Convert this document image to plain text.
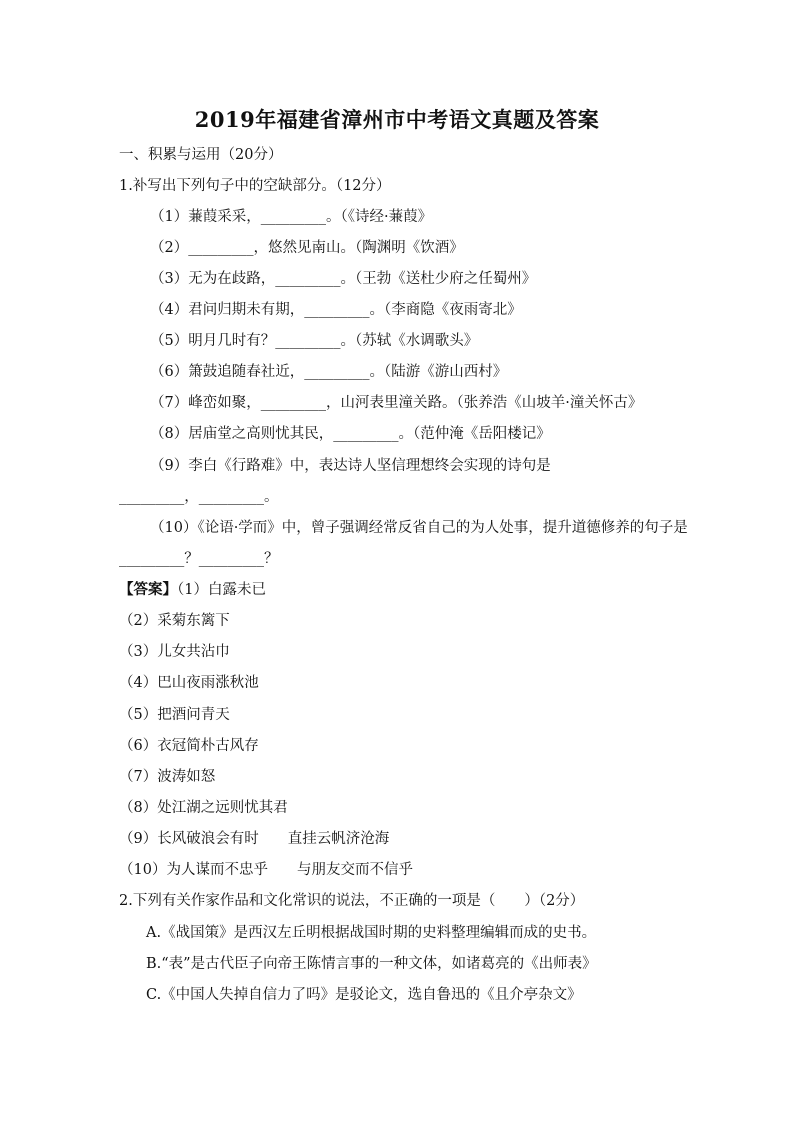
2019年福建省漳州市中考语文真题及答案
一、积累与运用（20分）
1.补写出下列句子中的空缺部分。（12分）
（1）蒹葭采采，_________。（《诗经·蒹葭》
（2）_________，悠然见南山。（陶渊明《饮酒》
（3）无为在歧路，_________。（王勃《送杜少府之任蜀州》
（4）君问归期未有期，_________。（李商隐《夜雨寄北》
（5）明月几时有？_________。（苏轼《水调歌头》
（6）箫鼓追随春社近，_________。（陆游《游山西村》
（7）峰峦如聚，_________，山河表里潼关路。（张养浩《山坡羊·潼关怀古》
（8）居庙堂之高则忧其民，_________。（范仲淹《岳阳楼记》
（9）李白《行路难》中，表达诗人坚信理想终会实现的诗句是
_________，_________。
（10）《论语·学而》中，曾子强调经常反省自己的为人处事，提升道德修养的句子是
_________？_________？
【答案】（1）白露未已
（2）采菊东篱下
（3）儿女共沾巾
（4）巴山夜雨涨秋池
（5）把酒问青天
（6）衣冠简朴古风存
（7）波涛如怒
（8）处江湖之远则忧其君
（9）长风破浪会有时　　直挂云帆济沧海
（10）为人谋而不忠乎　　与朋友交而不信乎
2.下列有关作家作品和文化常识的说法，不正确的一项是（　　）（2分）
A.《战国策》是西汉左丘明根据战国时期的史料整理编辑而成的史书。
B.“表”是古代臣子向帝王陈情言事的一种文体，如诸葛亮的《出师表》
C.《中国人失掉自信力了吗》是驳论文，选自鲁迅的《且介亭杂文》
